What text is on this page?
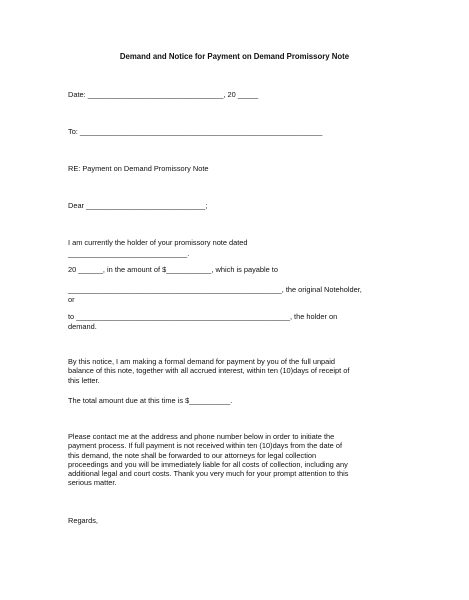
Demand and Notice for Payment on Demand Promissory Note
Date: _________________________________, 20 _____
To: ___________________________________________________________
RE: Payment on Demand Promissory Note
Dear _____________________________;
I am currently the holder of your promissory note dated
_____________________________.
20 ______, in the amount of $___________, which is payable to
____________________________________________________, the original Noteholder,
or
to ____________________________________________________, the holder on
demand.
By this notice, I am making a formal demand for payment by you of the full unpaid
balance of this note, together with all accrued interest, within ten (10)days of receipt of
this letter.
The total amount due at this time is $__________.
Please contact me at the address and phone number below in order to initiate the
payment process. If full payment is not received within ten (10)days from the date of
this demand, the note shall be forwarded to our attorneys for legal collection
proceedings and you will be immediately liable for all costs of collection, including any
additional legal and court costs. Thank you very much for your prompt attention to this
serious matter.
Regards,
